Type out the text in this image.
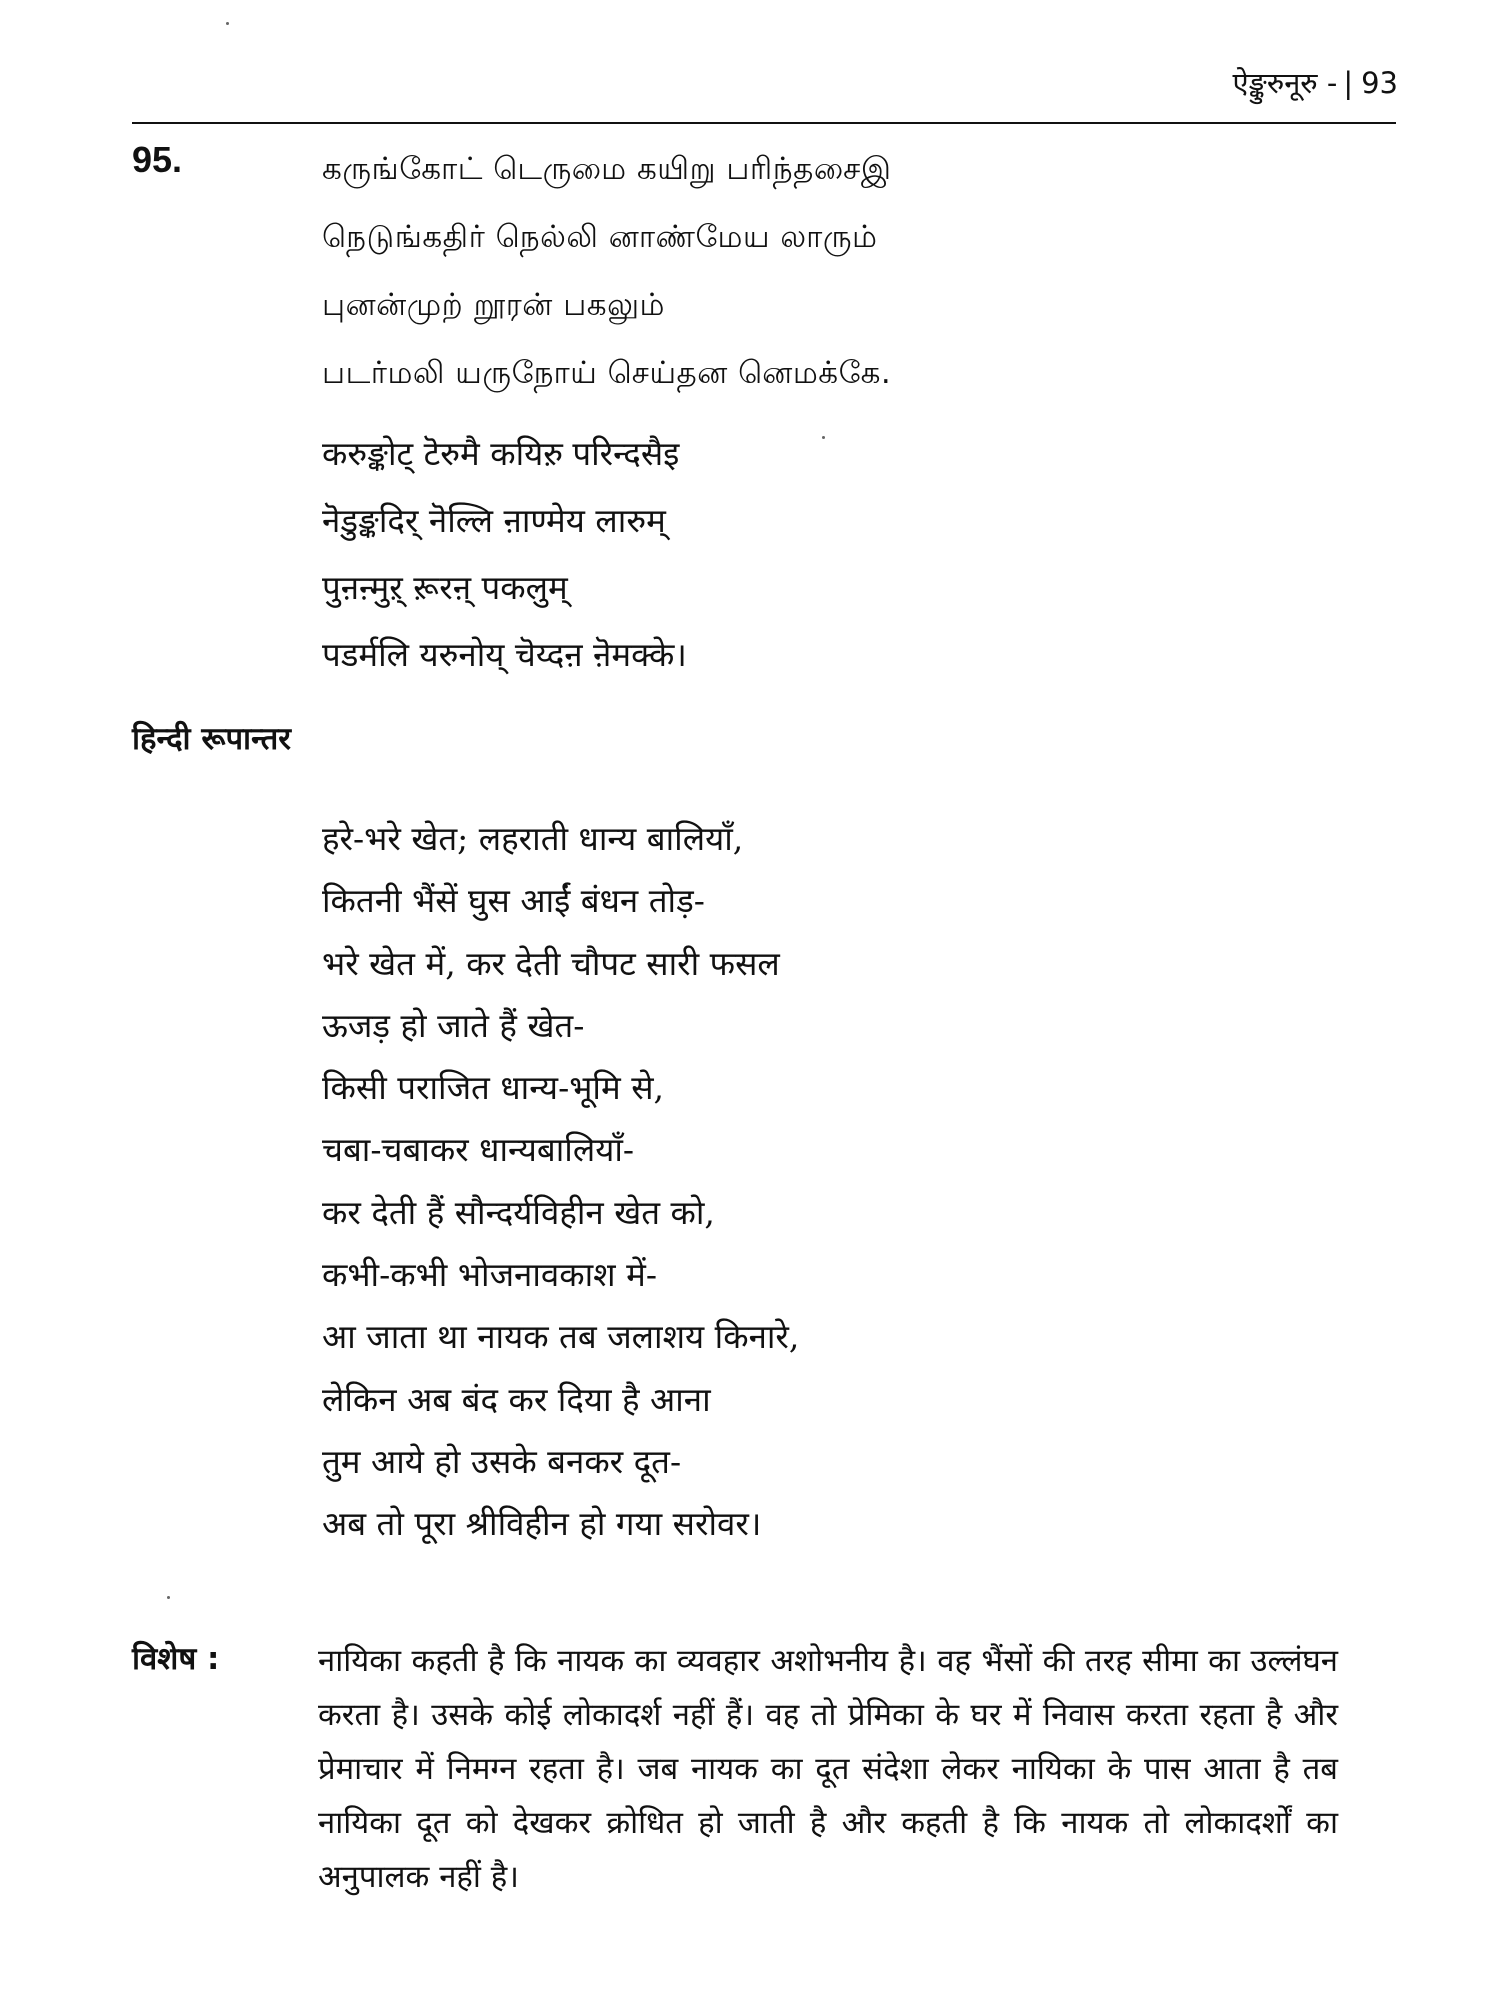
ऐङ्कुरुनूरु - | 93
95.	கருங்கோட் டெருமை கயிறு பரிந்தசைஇ
நெடுங்கதிர் நெல்லி னாண்மேய லாரும்
புனன்முற் றூரன் பகலும்
படர்மலி யருநோய் செய்தன னெமக்கே.
करुङ्कोट् टॆरुमै कयिऱु परिन्दसैइ
नॆडुङ्कदिर् नॆल्लि ऩाण्मेय लारुम्
पुऩऩ्मुऱ् ऱूरऩ् पकलुम्
पडर्मलि यरुनोय् चॆय्दऩ ऩॆमक्के।
हिन्दी रूपान्तर
हरे-भरे खेत; लहराती धान्य बालियाँ,
कितनी भैंसें घुस आईं बंधन तोड़-
भरे खेत में, कर देती चौपट सारी फसल
ऊजड़ हो जाते हैं खेत-
किसी पराजित धान्य-भूमि से,
चबा-चबाकर धान्यबालियाँ-
कर देती हैं सौन्दर्यविहीन खेत को,
कभी-कभी भोजनावकाश में-
आ जाता था नायक तब जलाशय किनारे,
लेकिन अब बंद कर दिया है आना
तुम आये हो उसके बनकर दूत-
अब तो पूरा श्रीविहीन हो गया सरोवर।
विशेष :	नायिका कहती है कि नायक का व्यवहार अशोभनीय है। वह भैंसों की तरह सीमा का उल्लंघन करता है। उसके कोई लोकादर्श नहीं हैं। वह तो प्रेमिका के घर में निवास करता रहता है और प्रेमाचार में निमग्न रहता है। जब नायक का दूत संदेशा लेकर नायिका के पास आता है तब नायिका दूत को देखकर क्रोधित हो जाती है और कहती है कि नायक तो लोकादर्शों का अनुपालक नहीं है।
